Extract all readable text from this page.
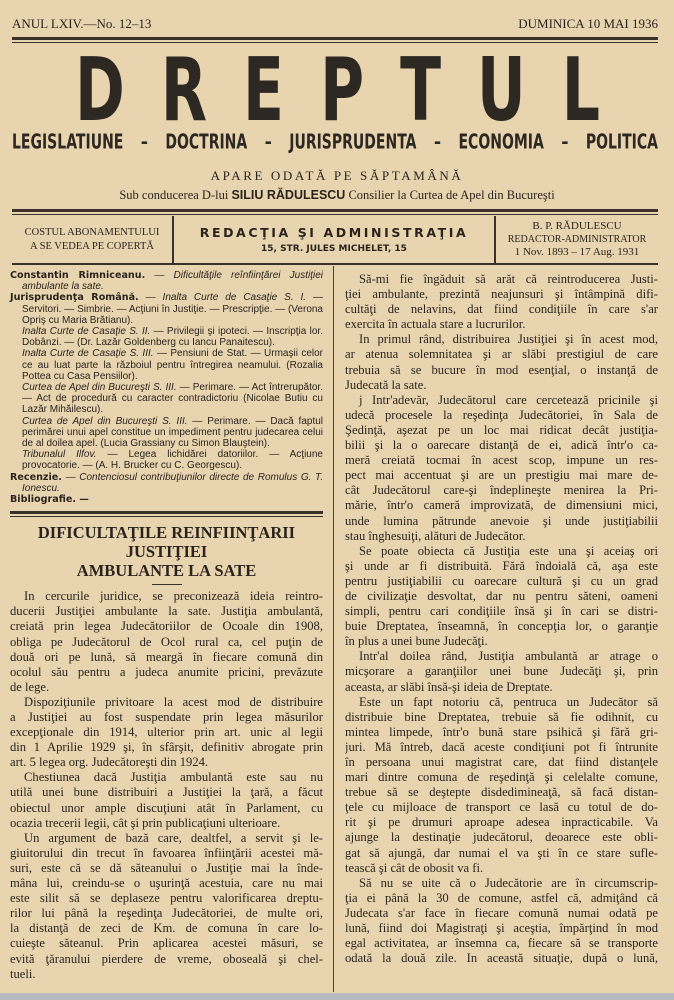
ANUL LXIV.—No. 12–13	DUMINICA 10 MAI 1936
D R E P T U L
LEGISLATIUNE – DOCTRINA – JURISPRUDENTA – ECONOMIA – POLITICA
APARE ODATĂ PE SĂPTAMÂNĂ
Sub conducerea D-lui SILIU RĂDULESCU Consilier la Curtea de Apel din Bucureşti
COSTUL ABONAMENTULUI
A SE VEDEA PE COPERTĂ
REDACŢIA ŞI ADMINISTRAŢIA
15, STR. JULES MICHELET, 15
B. P. RĂDULESCU
REDACTOR-ADMINISTRATOR
1 Nov. 1893 – 17 Aug. 1931
Constantin Rimniceanu. — Dificultăţile reînfiinţărei Justiţiei ambulante la sate.
Jurisprudenţa Română. — Inalta Curte de Casaţie S. I. — Servitori. — Simbrie. — Acţiuni în Justiţie. — Prescripţie. — (Verona Opriş cu Maria Brătianu).
Inalta Curte de Casaţie S. II. — Privilegii şi ipoteci. — Inscripţia lor. Dobânzi. — (Dr. Lazăr Goldenberg cu Iancu Panaitescu).
Inalta Curte de Casaţie S. III. — Pensiuni de Stat. — Urmaşii celor ce au luat parte la războiul pentru întregirea neamului. (Rozalia Pottea cu Casa Pensiilor).
Curtea de Apel din Bucureşti S. III. — Perimare. — Act întrerupător. — Act de procedură cu caracter contradictoriu (Nicolae Butiu cu Lazăr Mihăilescu).
Curtea de Apel din Bucureşti S. III. — Perimare. — Dacă faptul perimărei unui apel constitue un impediment pentru judecarea celui de al doilea apel. (Lucia Grassiany cu Simon Blauştein).
Tribunalul Ilfov. — Legea lichidărei datoriilor. — Acţiune provocatorie. — (A. H. Brucker cu C. Georgescu).
Recenzie. — Contenciosul contribuţiunilor directe de Romulus G. T. Ionescu.
Bibliografie. —
DIFICULTAŢILE REINFIINŢARII JUSTIŢIEI
AMBULANTE LA SATE
In cercurile juridice, se preconizează ideia reintro-
ducerii Justiţiei ambulante la sate. Justiţia ambulantă,
creiată prin legea Judecătoriilor de Ocoale din 1908,
obliga pe Judecătorul de Ocol rural ca, cel puţin de
două ori pe lună, să meargă în fiecare comună din
ocolul său pentru a judeca anumite pricini, prevăzute
de lege.
Dispoziţiunile privitoare la acest mod de distribuire
a Justiţiei au fost suspendate prin legea măsurilor
excepţionale din 1914, ulterior prin art. unic al legii
din 1 Aprilie 1929 şi, în sfârşit, definitiv abrogate prin
art. 5 legea org. Judecătoreşti din 1924.
Chestiunea dacă Justiţia ambulantă este sau nu
utilă unei bune distribuiri a Justiţiei la ţară, a făcut
obiectul unor ample discuţiuni atât în Parlament, cu
ocazia trecerii legii, cât şi prin publicaţiuni ulterioare.
Un argument de bază care, dealtfel, a servit şi le-
giuitorului din trecut în favoarea înfiinţării acestei mă-
suri, este că se dă săteanului o Justiţie mai la înde-
mâna lui, creindu-se o uşurinţă acestuia, care nu mai
este silit să se deplaseze pentru valorificarea dreptu-
rilor lui până la reşedinţa Judecătoriei, de multe ori,
la distanţă de zeci de Km. de comuna în care lo-
cuieşte săteanul. Prin aplicarea acestei măsuri, se
evită ţăranului pierdere de vreme, oboseală şi chel-
tueli.
Să-mi fie îngăduit să arăt că reintroducerea Justi-
ţiei ambulante, prezintă neajunsuri şi întâmpină difi-
cultăţi de nelavins, dat fiind condiţiile în care s'ar
exercita în actuala stare a lucrurilor.
In primul rând, distribuirea Justiţiei şi în acest mod,
ar atenua solemnitatea şi ar slăbi prestigiul de care
trebuia să se bucure în mod esenţial, o instanţă de
Judecată la sate.
j Intr'adevăr, Judecătorul care cercetează pricinile şi
udecă procesele la reşedinţa Judecătoriei, în Sala de
Şedinţă, aşezat pe un loc mai ridicat decât justiţia-
bilii şi la o oarecare distanţă de ei, adică într'o ca-
meră creiată tocmai în acest scop, impune un res-
pect mai accentuat şi are un prestigiu mai mare de-
cât Judecătorul care-şi îndeplineşte menirea la Pri-
mărie, într'o cameră improvizată, de dimensiuni mici,
unde lumina pătrunde anevoie şi unde justiţiabilii
stau înghesuiţi, alături de Judecător.
Se poate obiecta că Justiţia este una şi aceiaş ori
şi unde ar fi distribuită. Fără îndoială că, aşa este
pentru justiţiabilii cu oarecare cultură şi cu un grad
de civilizaţie desvoltat, dar nu pentru săteni, oameni
simpli, pentru cari condiţiile însă şi în cari se distri-
buie Dreptatea, înseamnă, în concepţia lor, o garanţie
în plus a unei bune Judecăţi.
Intr'al doilea rând, Justiţia ambulantă ar atrage o
micşorare a garanţiilor unei bune Judecăţi şi, prin
aceasta, ar slăbi însă-şi ideia de Dreptate.
Este un fapt notoriu că, pentruca un Judecător să
distribuie bine Dreptatea, trebuie să fie odihnit, cu
mintea limpede, într'o bună stare psihică şi fără gri-
juri. Mă întreb, dacă aceste condiţiuni pot fi întrunite
în persoana unui magistrat care, dat fiind distanţele
mari dintre comuna de reşedinţă şi celelalte comune,
trebue să se deştepte disdedimineaţă, să facă distan-
ţele cu mijloace de transport ce lasă cu totul de do-
rit şi pe drumuri aproape adesea inpracticabile. Va
ajunge la destinaţie judecătorul, deoarece este obli-
gat să ajungă, dar numai el va şti în ce stare sufle-
tească şi cât de obosit va fi.
Să nu se uite că o Judecătorie are în circumscrip-
ţia ei până la 30 de comune, astfel că, admiţând că
Judecata s'ar face în fiecare comună numai odată pe
lună, fiind doi Magistraţi şi aceştia, împărţind în mod
egal activitatea, ar însemna ca, fiecare să se transporte
odată la două zile. In această situaţie, după o lună,
